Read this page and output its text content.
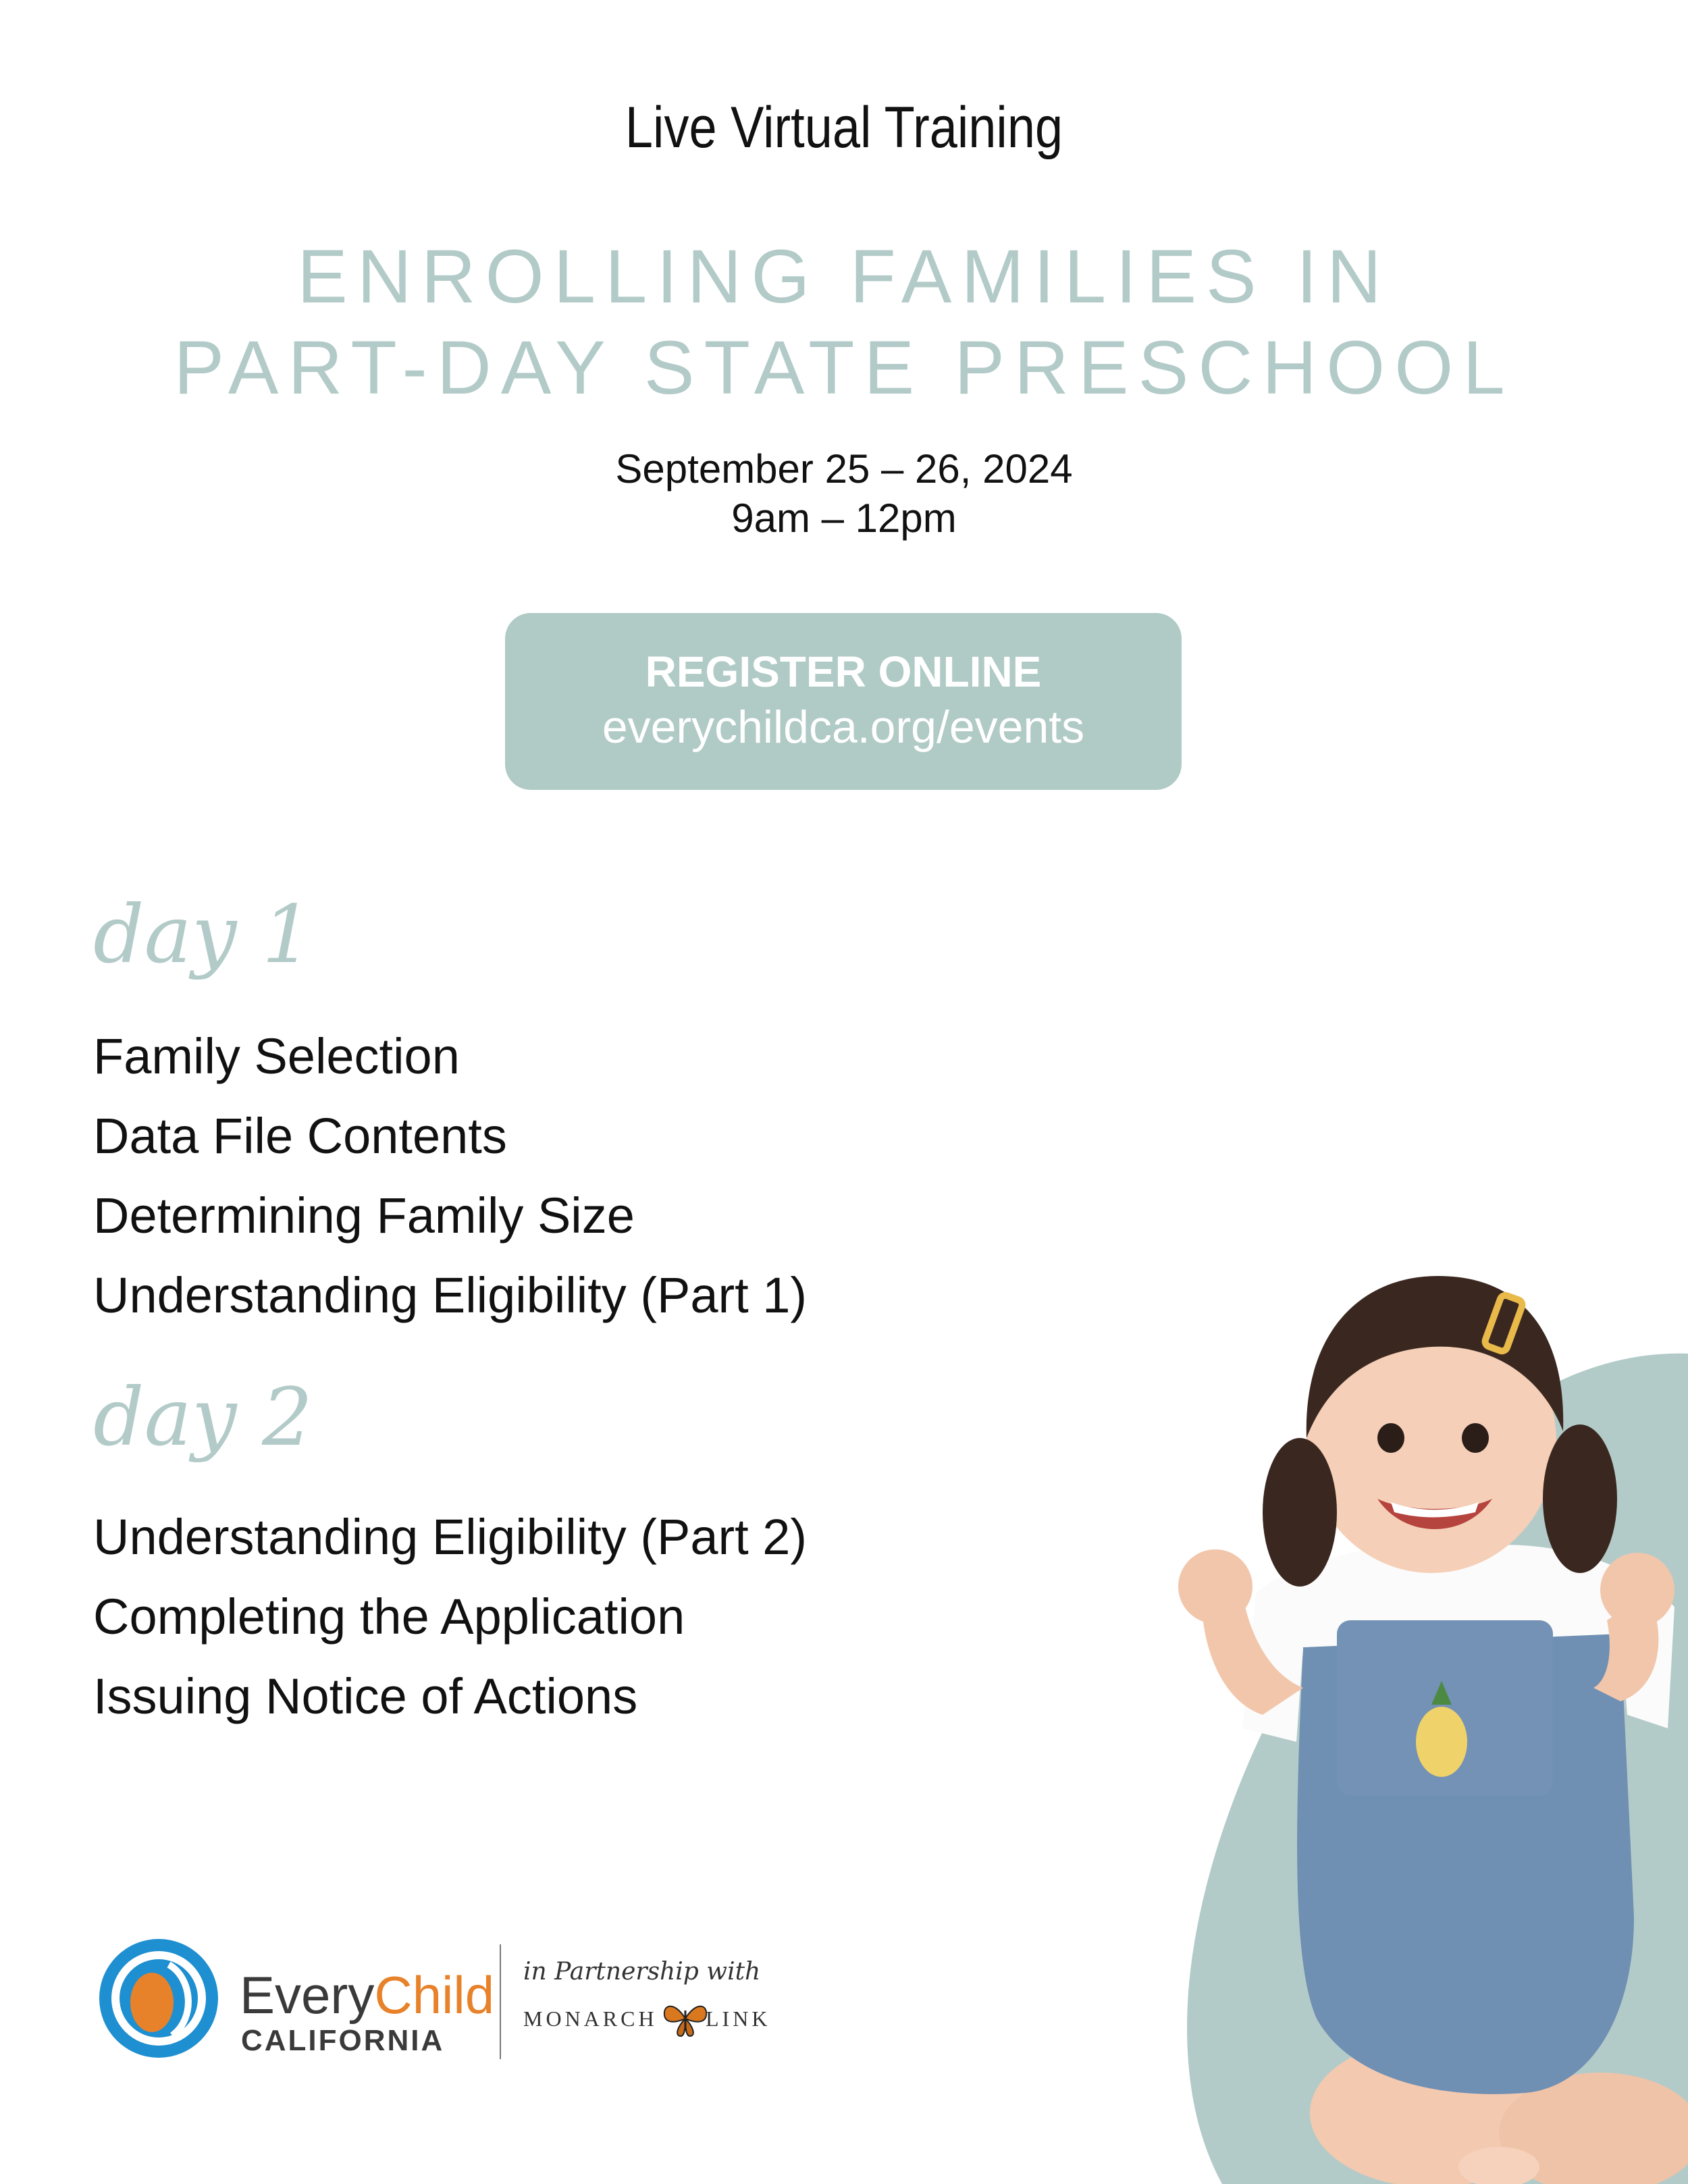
Live Virtual Training
ENROLLING FAMILIES IN
PART-DAY STATE PRESCHOOL
September 25 – 26, 2024
9am – 12pm
REGISTER ONLINE
everychildca.org/events
day 1
Family Selection
Data File Contents
Determining Family Size
Understanding Eligibility (Part 1)
day 2
Understanding Eligibility (Part 2)
Completing the Application
Issuing Notice of Actions
EveryChild
CALIFORNIA
in Partnership with
MONARCH LINK
